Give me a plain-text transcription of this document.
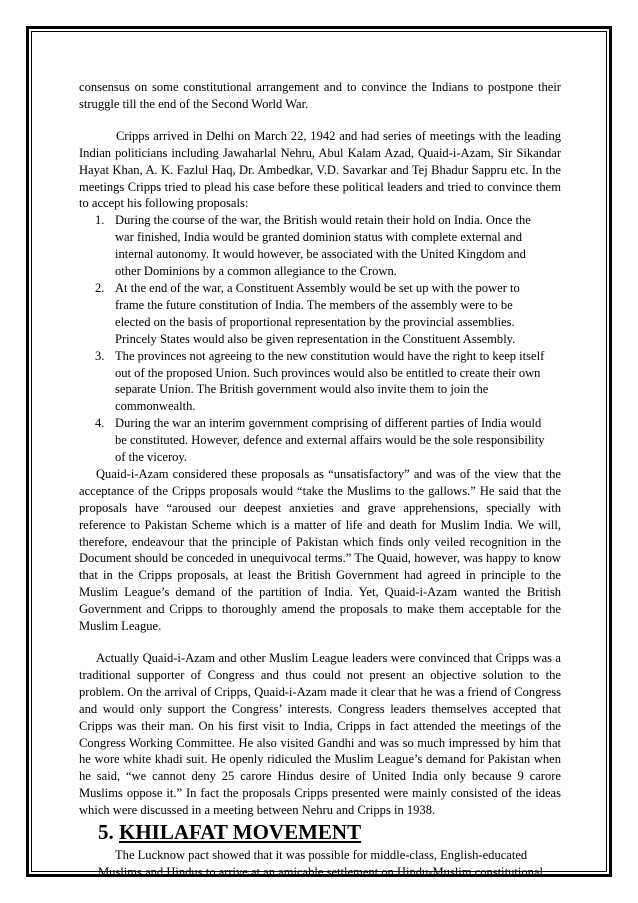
consensus on some constitutional arrangement and to convince the Indians to postpone their struggle till the end of the Second World War.

Cripps arrived in Delhi on March 22, 1942 and had series of meetings with the leading Indian politicians including Jawaharlal Nehru, Abul Kalam Azad, Quaid-i-Azam, Sir Sikandar Hayat Khan, A. K. Fazlul Haq, Dr. Ambedkar, V.D. Savarkar and Tej Bhadur Sappru etc. In the meetings Cripps tried to plead his case before these political leaders and tried to convince them to accept his following proposals:

1. During the course of the war, the British would retain their hold on India. Once the war finished, India would be granted dominion status with complete external and internal autonomy. It would however, be associated with the United Kingdom and other Dominions by a common allegiance to the Crown.
2. At the end of the war, a Constituent Assembly would be set up with the power to frame the future constitution of India. The members of the assembly were to be elected on the basis of proportional representation by the provincial assemblies. Princely States would also be given representation in the Constituent Assembly.
3. The provinces not agreeing to the new constitution would have the right to keep itself out of the proposed Union. Such provinces would also be entitled to create their own separate Union. The British government would also invite them to join the commonwealth.
4. During the war an interim government comprising of different parties of India would be constituted. However, defence and external affairs would be the sole responsibility of the viceroy.

Quaid-i-Azam considered these proposals as “unsatisfactory” and was of the view that the acceptance of the Cripps proposals would “take the Muslims to the gallows.” He said that the proposals have “aroused our deepest anxieties and grave apprehensions, specially with reference to Pakistan Scheme which is a matter of life and death for Muslim India. We will, therefore, endeavour that the principle of Pakistan which finds only veiled recognition in the Document should be conceded in unequivocal terms.” The Quaid, however, was happy to know that in the Cripps proposals, at least the British Government had agreed in principle to the Muslim League’s demand of the partition of India. Yet, Quaid-i-Azam wanted the British Government and Cripps to thoroughly amend the proposals to make them acceptable for the Muslim League.

Actually Quaid-i-Azam and other Muslim League leaders were convinced that Cripps was a traditional supporter of Congress and thus could not present an objective solution to the problem. On the arrival of Cripps, Quaid-i-Azam made it clear that he was a friend of Congress and would only support the Congress’ interests. Congress leaders themselves accepted that Cripps was their man. On his first visit to India, Cripps in fact attended the meetings of the Congress Working Committee. He also visited Gandhi and was so much impressed by him that he wore white khadi suit. He openly ridiculed the Muslim League’s demand for Pakistan when he said, “we cannot deny 25 carore Hindus desire of United India only because 9 carore Muslims oppose it.” In fact the proposals Cripps presented were mainly consisted of the ideas which were discussed in a meeting between Nehru and Cripps in 1938.

5. KHILAFAT MOVEMENT

The Lucknow pact showed that it was possible for middle-class, English-educated Muslims and Hindus to arrive at an amicable settlement on Hindu-Muslim constitutional
